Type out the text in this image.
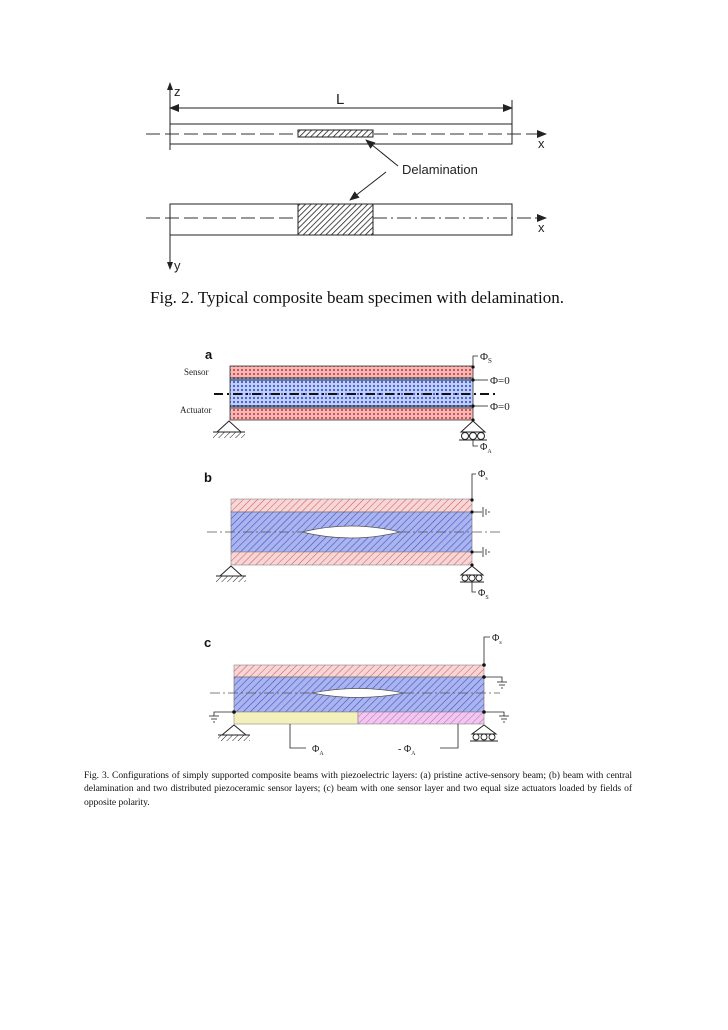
z	L
x
Delamination
x
y
a
Sensor
Actuator
$\Phi_S$
Φ=0
Φ=0
$\Phi_A$
b	$\Phi_s$
$\Phi_S$
c	$\Phi_s$
$\Phi_A$	- $\Phi_A$
Fig. 2. Typical composite beam specimen with delamination.
Fig. 3. Configurations of simply supported composite beams with piezoelectric layers: (a) pristine active-sensory beam; (b) beam with central delamination and two distributed piezoceramic sensor layers; (c) beam with one sensor layer and two equal size actuators loaded by fields of opposite polarity.
